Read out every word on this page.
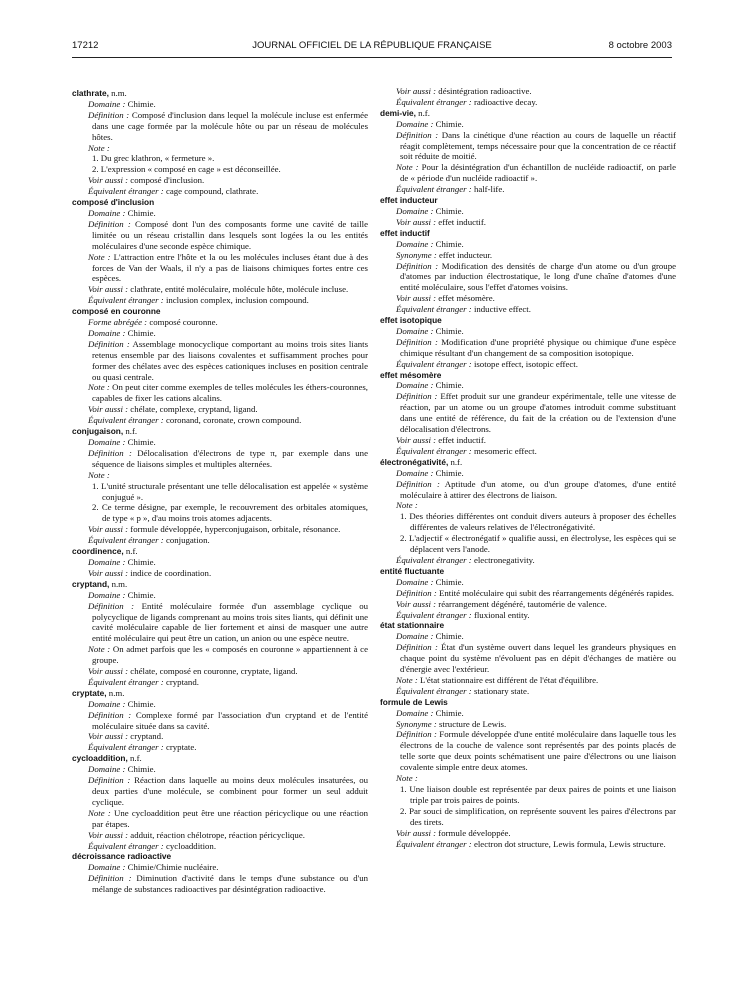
17212	JOURNAL OFFICIEL DE LA RÉPUBLIQUE FRANÇAISE	8 octobre 2003
clathrate, n.m.
Domaine : Chimie.
Définition : Composé d'inclusion dans lequel la molécule incluse est enfermée dans une cage formée par la molécule hôte ou par un réseau de molécules hôtes.
Note :
1. Du grec klathron, « fermeture ».
2. L'expression « composé en cage » est déconseillée.
Voir aussi : composé d'inclusion.
Équivalent étranger : cage compound, clathrate.
composé d'inclusion
Domaine : Chimie.
Définition : Composé dont l'un des composants forme une cavité de taille limitée ou un réseau cristallin dans lesquels sont logées la ou les entités moléculaires d'une seconde espèce chimique.
Note : L'attraction entre l'hôte et la ou les molécules incluses étant due à des forces de Van der Waals, il n'y a pas de liaisons chimiques fortes entre ces espèces.
Voir aussi : clathrate, entité moléculaire, molécule hôte, molécule incluse.
Équivalent étranger : inclusion complex, inclusion compound.
composé en couronne
Forme abrégée : composé couronne.
Domaine : Chimie.
Définition : Assemblage monocyclique comportant au moins trois sites liants retenus ensemble par des liaisons covalentes et suffisamment proches pour former des chélates avec des espèces cationiques incluses en position centrale ou quasi centrale.
Note : On peut citer comme exemples de telles molécules les éthers-couronnes, capables de fixer les cations alcalins.
Voir aussi : chélate, complexe, cryptand, ligand.
Équivalent étranger : coronand, coronate, crown compound.
conjugaison, n.f.
Domaine : Chimie.
Définition : Délocalisation d'électrons de type π, par exemple dans une séquence de liaisons simples et multiples alternées.
Note :
1. L'unité structurale présentant une telle délocalisation est appelée « système conjugué ».
2. Ce terme désigne, par exemple, le recouvrement des orbitales atomiques, de type « p », d'au moins trois atomes adjacents.
Voir aussi : formule développée, hyperconjugaison, orbitale, résonance.
Équivalent étranger : conjugation.
coordinence, n.f.
Domaine : Chimie.
Voir aussi : indice de coordination.
cryptand, n.m.
Domaine : Chimie.
Définition : Entité moléculaire formée d'un assemblage cyclique ou polycyclique de ligands comprenant au moins trois sites liants, qui définit une cavité moléculaire capable de lier fortement et ainsi de masquer une autre entité moléculaire qui peut être un cation, un anion ou une espèce neutre.
Note : On admet parfois que les « composés en couronne » appartiennent à ce groupe.
Voir aussi : chélate, composé en couronne, cryptate, ligand.
Équivalent étranger : cryptand.
cryptate, n.m.
Domaine : Chimie.
Définition : Complexe formé par l'association d'un cryptand et de l'entité moléculaire située dans sa cavité.
Voir aussi : cryptand.
Équivalent étranger : cryptate.
cycloaddition, n.f.
Domaine : Chimie.
Définition : Réaction dans laquelle au moins deux molécules insaturées, ou deux parties d'une molécule, se combinent pour former un seul adduit cyclique.
Note : Une cycloaddition peut être une réaction péricyclique ou une réaction par étapes.
Voir aussi : adduit, réaction chélotrope, réaction péricyclique.
Équivalent étranger : cycloaddition.
décroissance radioactive
Domaine : Chimie/Chimie nucléaire.
Définition : Diminution d'activité dans le temps d'une substance ou d'un mélange de substances radioactives par désintégration radioactive.
Voir aussi : désintégration radioactive.
Équivalent étranger : radioactive decay.
demi-vie, n.f.
Domaine : Chimie.
Définition : Dans la cinétique d'une réaction au cours de laquelle un réactif réagit complètement, temps nécessaire pour que la concentration de ce réactif soit réduite de moitié.
Note : Pour la désintégration d'un échantillon de nucléide radioactif, on parle de « période d'un nucléide radioactif ».
Équivalent étranger : half-life.
effet inducteur
Domaine : Chimie.
Voir aussi : effet inductif.
effet inductif
Domaine : Chimie.
Synonyme : effet inducteur.
Définition : Modification des densités de charge d'un atome ou d'un groupe d'atomes par induction électrostatique, le long d'une chaîne d'atomes d'une entité moléculaire, sous l'effet d'atomes voisins.
Voir aussi : effet mésomère.
Équivalent étranger : inductive effect.
effet isotopique
Domaine : Chimie.
Définition : Modification d'une propriété physique ou chimique d'une espèce chimique résultant d'un changement de sa composition isotopique.
Équivalent étranger : isotope effect, isotopic effect.
effet mésomère
Domaine : Chimie.
Définition : Effet produit sur une grandeur expérimentale, telle une vitesse de réaction, par un atome ou un groupe d'atomes introduit comme substituant dans une entité de référence, du fait de la création ou de l'extension d'une délocalisation d'électrons.
Voir aussi : effet inductif.
Équivalent étranger : mesomeric effect.
électronégativité, n.f.
Domaine : Chimie.
Définition : Aptitude d'un atome, ou d'un groupe d'atomes, d'une entité moléculaire à attirer des électrons de liaison.
Note :
1. Des théories différentes ont conduit divers auteurs à proposer des échelles différentes de valeurs relatives de l'électronégativité.
2. L'adjectif « électronégatif » qualifie aussi, en électrolyse, les espèces qui se déplacent vers l'anode.
Équivalent étranger : electronegativity.
entité fluctuante
Domaine : Chimie.
Définition : Entité moléculaire qui subit des réarrangements dégénérés rapides.
Voir aussi : réarrangement dégénéré, tautomérie de valence.
Équivalent étranger : fluxional entity.
état stationnaire
Domaine : Chimie.
Définition : État d'un système ouvert dans lequel les grandeurs physiques en chaque point du système n'évoluent pas en dépit d'échanges de matière ou d'énergie avec l'extérieur.
Note : L'état stationnaire est différent de l'état d'équilibre.
Équivalent étranger : stationary state.
formule de Lewis
Domaine : Chimie.
Synonyme : structure de Lewis.
Définition : Formule développée d'une entité moléculaire dans laquelle tous les électrons de la couche de valence sont représentés par des points placés de telle sorte que deux points schématisent une paire d'électrons ou une liaison covalente simple entre deux atomes.
Note :
1. Une liaison double est représentée par deux paires de points et une liaison triple par trois paires de points.
2. Par souci de simplification, on représente souvent les paires d'électrons par des tirets.
Voir aussi : formule développée.
Équivalent étranger : electron dot structure, Lewis formula, Lewis structure.
